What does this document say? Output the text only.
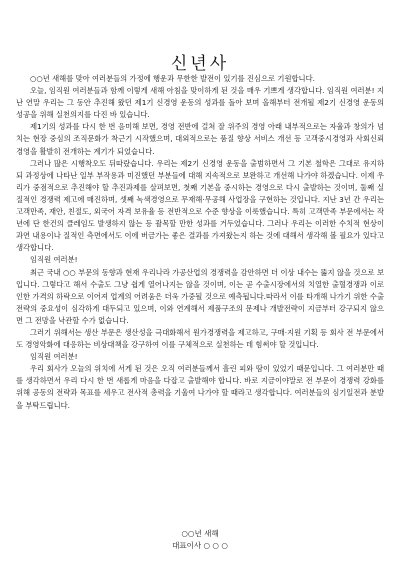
신년사

○○년 새해를 맞아 여러분들의 가정에 행운과 무한한 발전이 있기를 진심으로 기원합니다.

오늘, 임직원 여러분들과 함께 이렇게 새해 아침을 맞이하게 된 것을 매우 기쁘게 생각합니다. 임직원 여러분! 지난 연말 우리는 그 동안 추진해 왔던 제1기 신경영 운동의 성과를 돌아 보며 올해부터 전개될 제2기 신경영 운동의 성공을 위해 실천의지를 다진 바 있습니다.

제1기의 성과를 다시 한 번 음미해 보면, 경영 전반에 걸쳐 잘 위주의 경영 아래 내부적으로는 자율과 창의가 넘치는 현장 중심의 조직문화가 착근기 시작했으며, 대외적으로는 품질 향상 서비스 개선 등 고객중시경영과 사회신뢰경영을 활발히 전개하는 계기가 되었습니다.

그러나 많은 시행착오도 뒤따랐습니다. 우리는 제2기 신경영 운동을 출범하면서 그 기본 철학은 그대로 유지하되 과정상에 나타난 일부 부작용과 미진했던 부분들에 대해 지속적으로 보완하고 개선해 나가야 하겠습니다. 이제 우리가 중점적으로 추진해야 할 추진과제를 살펴보면, 첫째 기본을 중시하는 경영으로 다시 출발하는 것이며, 둘째 실질적인 경쟁력 제고에 매진하며, 셋째 녹색경영으로 무재해·무공해 사업장을 구현하는 것입니다. 지난 3년 간 우리는 고객만족, 재안, 친절도, 외국어 자격 보유율 등 전반적으로 수준 향상을 이룩했습니다. 특히 고객만족 부문에서는 작년에 단 한건의 클레임도 발생하지 않는 등 괄목할 만한 성과를 거두었습니다. 그러나 우리는 이러한 수치적 현상이 과연 내용이나 질적인 측면에서도 이에 버금가는 좋은 결과를 가져왔는지 하는 것에 대해서 생각해 볼 필요가 있다고 생각합니다.

임직원 여러분!

최근 국내 ○○ 부문의 동향과 현재 우리나라 가공산업의 경쟁력을 감안하면 더 이상 내수는 뚫지 않을 것으로 보입니다. 그렇다고 해서 수출도 그냥 쉽게 열어나지는 않을 것이며, 이는 곧 수출시장에서의 치열한 출혈경쟁과 이로 인한 가격의 하락으로 이어져 업계의 어려움은 더욱 가중될 것으로 예측됩니다.따라서 이를 타개해 나가기 위한 수출전략의 중요성이 심각하게 대두되고 있으며, 이와 연계해서 제품구조의 문제나 개발전략이 지금부터 강구되지 않으면 그 전망을 낙관할 수가 없습니다.

그러기 위해서는 생산 부문은 생산성을 극대화해서 원가경쟁력을 제고하고, 구매·지원 기획 등 회사 전 부문에서도 경영악화에 대응하는 비상대책을 강구하여 이를 구체적으로 실천하는 데 힘써야 할 것입니다.

임직원 여러분!

우리 회사가 오늘의 위치에 서게 된 것은 오직 여러분들께서 흘린 피와 땀이 있었기 때문입니다. 그 여러분만 때를 생각하면서 우리 다시 한 번 새롭게 마음을 다잡고 출발해야 합니다. 바로 지금이야말로 전 부문이 경쟁력 강화를 위해 공동의 전략과 목표를 세우고 전사적 총력을 기울여 나가야 할 때라고 생각합니다. 여러분들의 심기일전과 분발을 부탁드립니다.

○○년 새해

대표이사 ○ ○ ○
